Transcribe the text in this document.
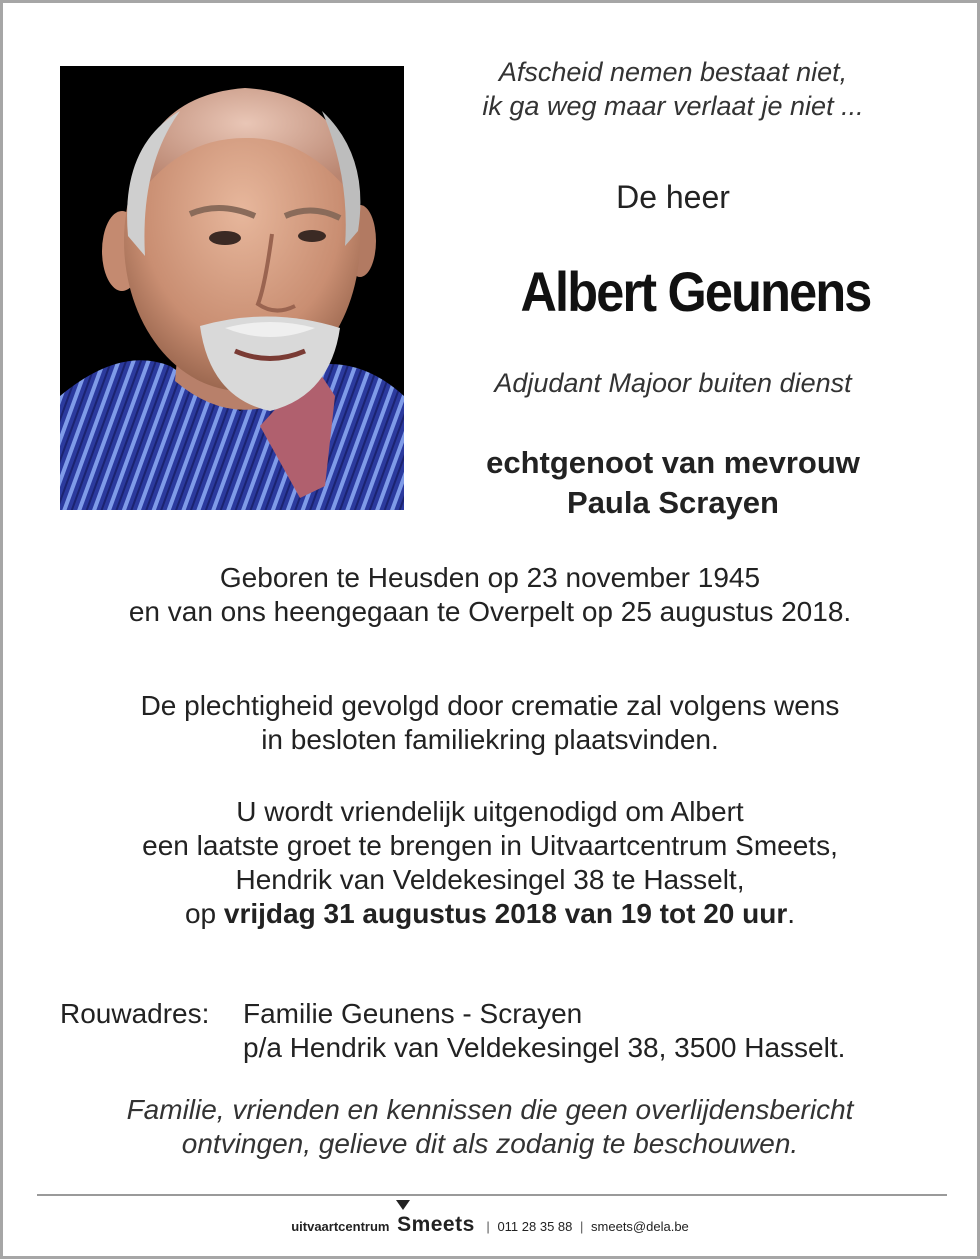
Afscheid nemen bestaat niet,

ik ga weg maar verlaat je niet ...

De heer
Albert Geunens
Adjudant Majoor buiten dienst

echtgenoot van mevrouw

Paula Scrayen

Geboren te Heusden op 23 november 1945

en van ons heengegaan te Overpelt op 25 augustus 2018.

De plechtigheid gevolgd door crematie zal volgens wens

in besloten familiekring plaatsvinden.

U wordt vriendelijk uitgenodigd om Albert

een laatste groet te brengen in Uitvaartcentrum Smeets,

Hendrik van Veldekesingel 38 te Hasselt,

op vrijdag 31 augustus 2018 van 19 tot 20 uur.

Rouwadres:	Familie Geunens - Scrayen
p/a Hendrik van Veldekesingel 38, 3500 Hasselt.

Familie, vrienden en kennissen die geen overlijdensbericht

ontvingen, gelieve dit als zodanig te beschouwen.

uitvaartcentrum Smeets | 011 28 35 88 | smeets@dela.be
